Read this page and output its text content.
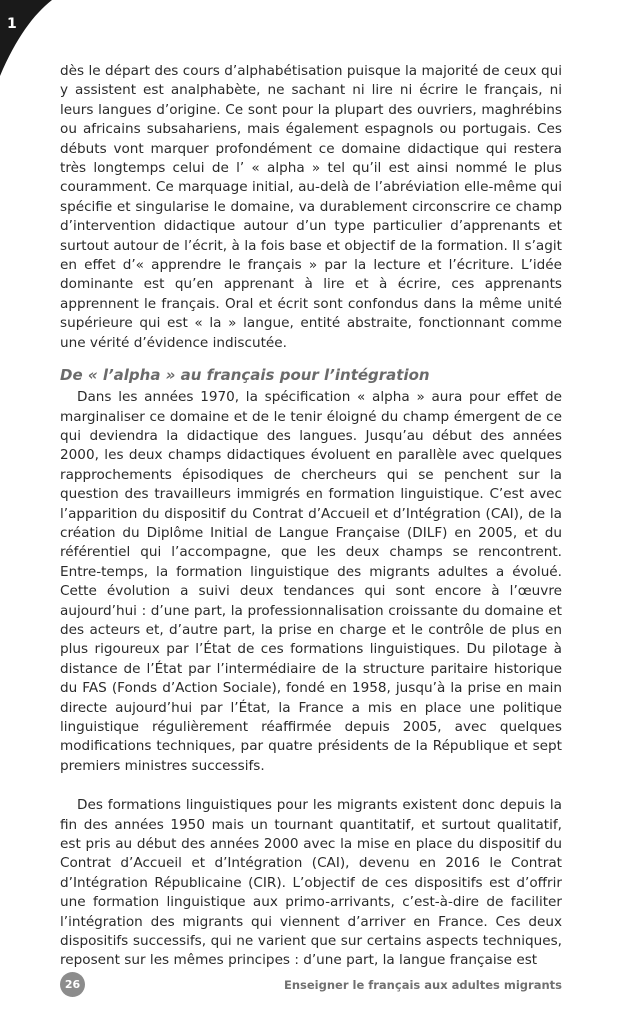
1

dès le départ des cours d’alphabétisation puisque la majorité de ceux qui y assistent est analphabète, ne sachant ni lire ni écrire le français, ni leurs langues d’origine. Ce sont pour la plupart des ouvriers, maghrébins ou africains subsahariens, mais également espagnols ou portugais. Ces débuts vont marquer profondément ce domaine didactique qui restera très longtemps celui de l’ « alpha » tel qu’il est ainsi nommé le plus couramment. Ce marquage initial, au-delà de l’abréviation elle-même qui spécifie et singularise le domaine, va durablement circonscrire ce champ d’intervention didactique autour d’un type particulier d’apprenants et surtout autour de l’écrit, à la fois base et objectif de la formation. Il s’agit en effet d’« apprendre le français » par la lecture et l’écriture. L’idée dominante est qu’en apprenant à lire et à écrire, ces apprenants apprennent le français. Oral et écrit sont confondus dans la même unité supérieure qui est « la » langue, entité abstraite, fonctionnant comme une vérité d’évidence indiscutée.

De « l’alpha » au français pour l’intégration

Dans les années 1970, la spécification « alpha » aura pour effet de marginaliser ce domaine et de le tenir éloigné du champ émergent de ce qui deviendra la didactique des langues. Jusqu’au début des années 2000, les deux champs didactiques évoluent en parallèle avec quelques rapprochements épisodiques de chercheurs qui se penchent sur la question des travailleurs immigrés en formation linguistique. C’est avec l’apparition du dispositif du Contrat d’Accueil et d’Intégration (CAI), de la création du Diplôme Initial de Langue Française (DILF) en 2005, et du référentiel qui l’accompagne, que les deux champs se rencontrent. Entre-temps, la formation linguistique des migrants adultes a évolué. Cette évolution a suivi deux tendances qui sont encore à l’œuvre aujourd’hui : d’une part, la professionnalisation croissante du domaine et des acteurs et, d’autre part, la prise en charge et le contrôle de plus en plus rigoureux par l’État de ces formations linguistiques. Du pilotage à distance de l’État par l’intermédiaire de la structure paritaire historique du FAS (Fonds d’Action Sociale), fondé en 1958, jusqu’à la prise en main directe aujourd’hui par l’État, la France a mis en place une politique linguistique régulièrement réaffirmée depuis 2005, avec quelques modifications techniques, par quatre présidents de la République et sept premiers ministres successifs.

Des formations linguistiques pour les migrants existent donc depuis la fin des années 1950 mais un tournant quantitatif, et surtout qualitatif, est pris au début des années 2000 avec la mise en place du dispositif du Contrat d’Accueil et d’Intégration (CAI), devenu en 2016 le Contrat d’Intégration Républicaine (CIR). L’objectif de ces dispositifs est d’offrir une formation linguistique aux primo-arrivants, c’est-à-dire de faciliter l’intégration des migrants qui viennent d’arriver en France. Ces deux dispositifs successifs, qui ne varient que sur certains aspects techniques, reposent sur les mêmes principes : d’une part, la langue française est

26	Enseigner le français aux adultes migrants
